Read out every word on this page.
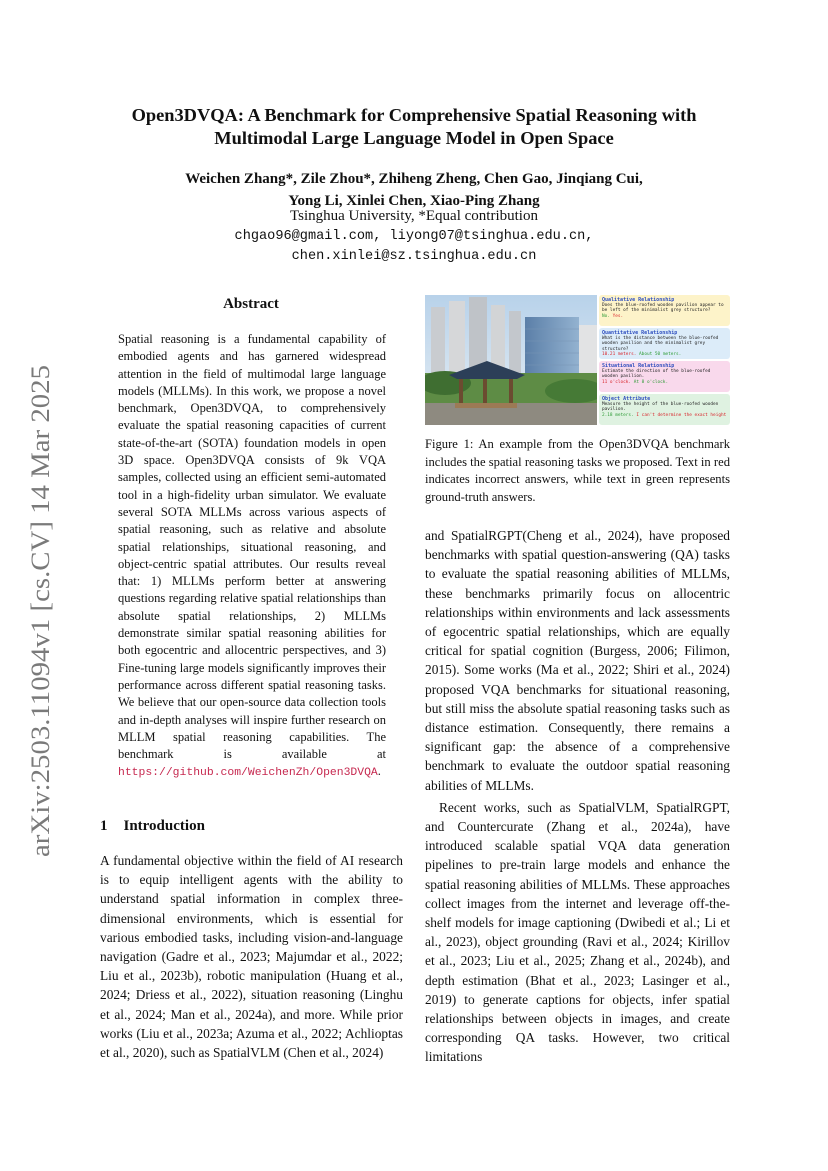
arXiv:2503.11094v1 [cs.CV] 14 Mar 2025
Open3DVQA: A Benchmark for Comprehensive Spatial Reasoning with
Multimodal Large Language Model in Open Space
Weichen Zhang*, Zile Zhou*, Zhiheng Zheng, Chen Gao, Jinqiang Cui,
Yong Li, Xinlei Chen, Xiao-Ping Zhang
Tsinghua University, *Equal contribution
chgao96@gmail.com, liyong07@tsinghua.edu.cn,
chen.xinlei@sz.tsinghua.edu.cn
Abstract

Spatial reasoning is a fundamental capability of embodied agents and has garnered widespread attention in the field of multimodal large language models (MLLMs). In this work, we propose a novel benchmark, Open3DVQA, to comprehensively evaluate the spatial reasoning capacities of current state-of-the-art (SOTA) foundation models in open 3D space. Open3DVQA consists of 9k VQA samples, collected using an efficient semi-automated tool in a high-fidelity urban simulator. We evaluate several SOTA MLLMs across various aspects of spatial reasoning, such as relative and absolute spatial relationships, situational reasoning, and object-centric spatial attributes. Our results reveal that: 1) MLLMs perform better at answering questions regarding relative spatial relationships than absolute spatial relationships, 2) MLLMs demonstrate similar spatial reasoning abilities for both egocentric and allocentric perspectives, and 3) Fine-tuning large models significantly improves their performance across different spatial reasoning tasks. We believe that our open-source data collection tools and in-depth analyses will inspire further research on MLLM spatial reasoning capabilities. The benchmark is available at https://github.com/WeichenZh/Open3DVQA.

1 Introduction

A fundamental objective within the field of AI research is to equip intelligent agents with the ability to understand spatial information in complex three-dimensional environments, which is essential for various embodied tasks, including vision-and-language navigation (Gadre et al., 2023; Majumdar et al., 2022; Liu et al., 2023b), robotic manipulation (Huang et al., 2024; Driess et al., 2022), situation reasoning (Linghu et al., 2024; Man et al., 2024a), and more. While prior works (Liu et al., 2023a; Azuma et al., 2022; Achlioptas et al., 2020), such as SpatialVLM (Chen et al., 2024)

Qualitative Relationship
Does the blue-roofed wooden pavilion appear to be left of the minimalist grey structure?
No. Yes.
Quantitative Relationship
What is the distance between the blue-roofed wooden pavilion and the minimalist grey structure?
10.21 meters. About 50 meters.
Situational Relationship
Estimate the direction of the blue-roofed wooden pavilion.
11 o'clock. At 8 o'clock.
Object Attribute
Measure the height of the blue-roofed wooden pavilion.
2.18 meters. I can't determine the exact height

Figure 1: An example from the Open3DVQA benchmark includes the spatial reasoning tasks we proposed. Text in red indicates incorrect answers, while text in green represents ground-truth answers.

and SpatialRGPT(Cheng et al., 2024), have proposed benchmarks with spatial question-answering (QA) tasks to evaluate the spatial reasoning abilities of MLLMs, these benchmarks primarily focus on allocentric relationships within environments and lack assessments of egocentric spatial relationships, which are equally critical for spatial cognition (Burgess, 2006; Filimon, 2015). Some works (Ma et al., 2022; Shiri et al., 2024) proposed VQA benchmarks for situational reasoning, but still miss the absolute spatial reasoning tasks such as distance estimation. Consequently, there remains a significant gap: the absence of a comprehensive benchmark to evaluate the outdoor spatial reasoning abilities of MLLMs.

Recent works, such as SpatialVLM, SpatialRGPT, and Countercurate (Zhang et al., 2024a), have introduced scalable spatial VQA data generation pipelines to pre-train large models and enhance the spatial reasoning abilities of MLLMs. These approaches collect images from the internet and leverage off-the-shelf models for image captioning (Dwibedi et al.; Li et al., 2023), object grounding (Ravi et al., 2024; Kirillov et al., 2023; Liu et al., 2025; Zhang et al., 2024b), and depth estimation (Bhat et al., 2023; Lasinger et al., 2019) to generate captions for objects, infer spatial relationships between objects in images, and create corresponding QA tasks. However, two critical limitations
